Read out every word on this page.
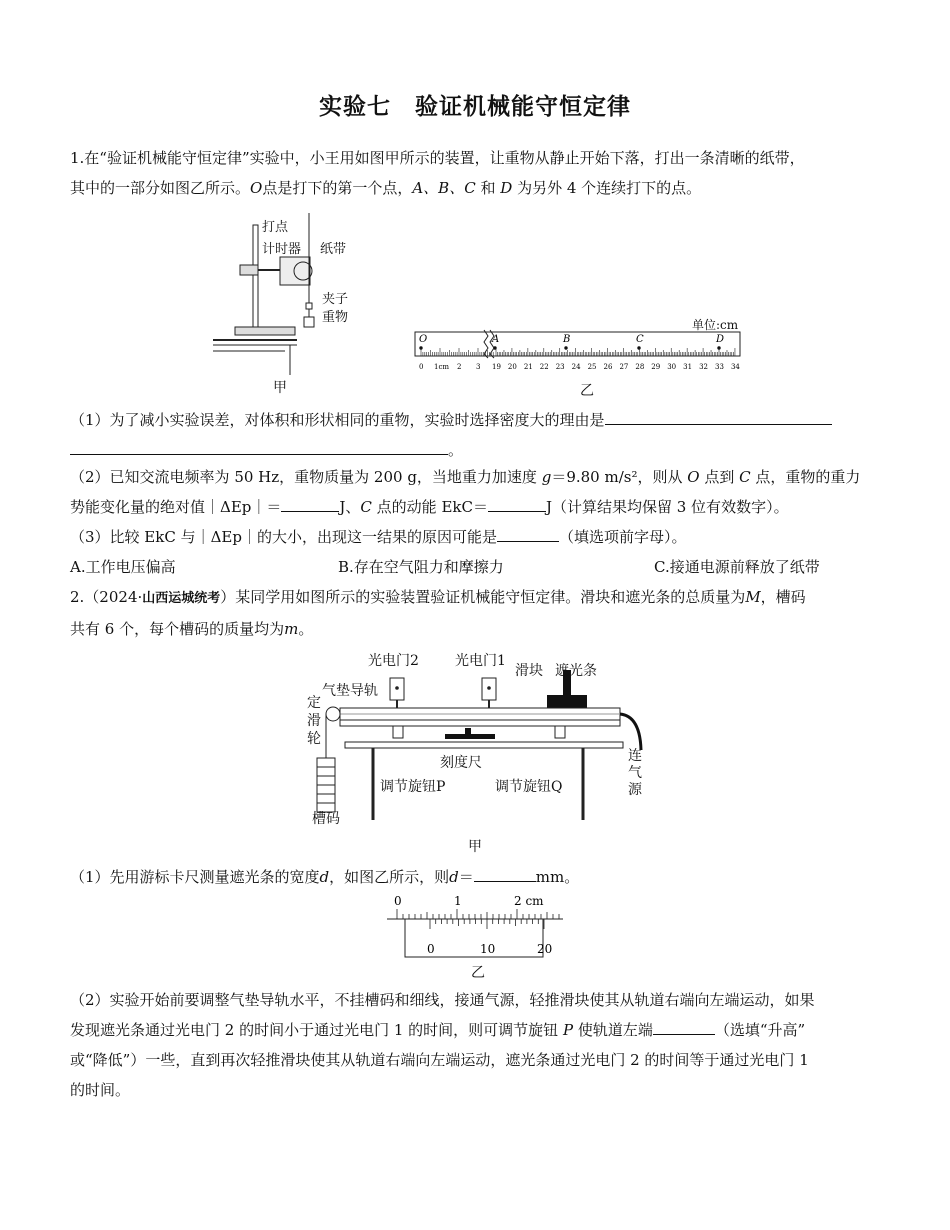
实验七　验证机械能守恒定律
1.在“验证机械能守恒定律”实验中，小王用如图甲所示的装置，让重物从静止开始下落，打出一条清晰的纸带，
其中的一部分如图乙所示。O点是打下的第一个点，A、B、C 和 D 为另外 4 个连续打下的点。
打点
计时器 纸带
夹子
重物
甲
单位:cm
O	A	B	C	D
0 1cm 2 3 19 20 21 22 23 24 25 26 27 28 29 30 31 32 33 34
乙
（1）为了减小实验误差，对体积和形状相同的重物，实验时选择密度大的理由是
。
（2）已知交流电频率为 50 Hz，重物质量为 200 g，当地重力加速度 g＝9.80 m/s²，则从 O 点到 C 点，重物的重力
势能变化量的绝对值｜ΔEp｜＝	J、C 点的动能 EkC＝	J（计算结果均保留 3 位有效数字）。
（3）比较 EkC 与｜ΔEp｜的大小，出现这一结果的原因可能是	（填选项前字母）。
A.工作电压偏高	B.存在空气阻力和摩擦力	C.接通电源前释放了纸带
2.（2024·山西运城统考）某同学用如图所示的实验装置验证机械能守恒定律。滑块和遮光条的总质量为M，槽码
共有 6 个，每个槽码的质量均为m。
光电门2	光电门1
滑块 遮光条
气垫导轨
定
滑
轮
刻度尺
调节旋钮P	调节旋钮Q
连
气
源
槽码
甲
（1）先用游标卡尺测量遮光条的宽度d，如图乙所示，则d＝	mm。
0	1	2 cm
0	10	20
乙
（2）实验开始前要调整气垫导轨水平，不挂槽码和细线，接通气源，轻推滑块使其从轨道右端向左端运动，如果
发现遮光条通过光电门 2 的时间小于通过光电门 1 的时间，则可调节旋钮 P 使轨道左端	（选填“升高”
或“降低”）一些，直到再次轻推滑块使其从轨道右端向左端运动，遮光条通过光电门 2 的时间等于通过光电门 1
的时间。
